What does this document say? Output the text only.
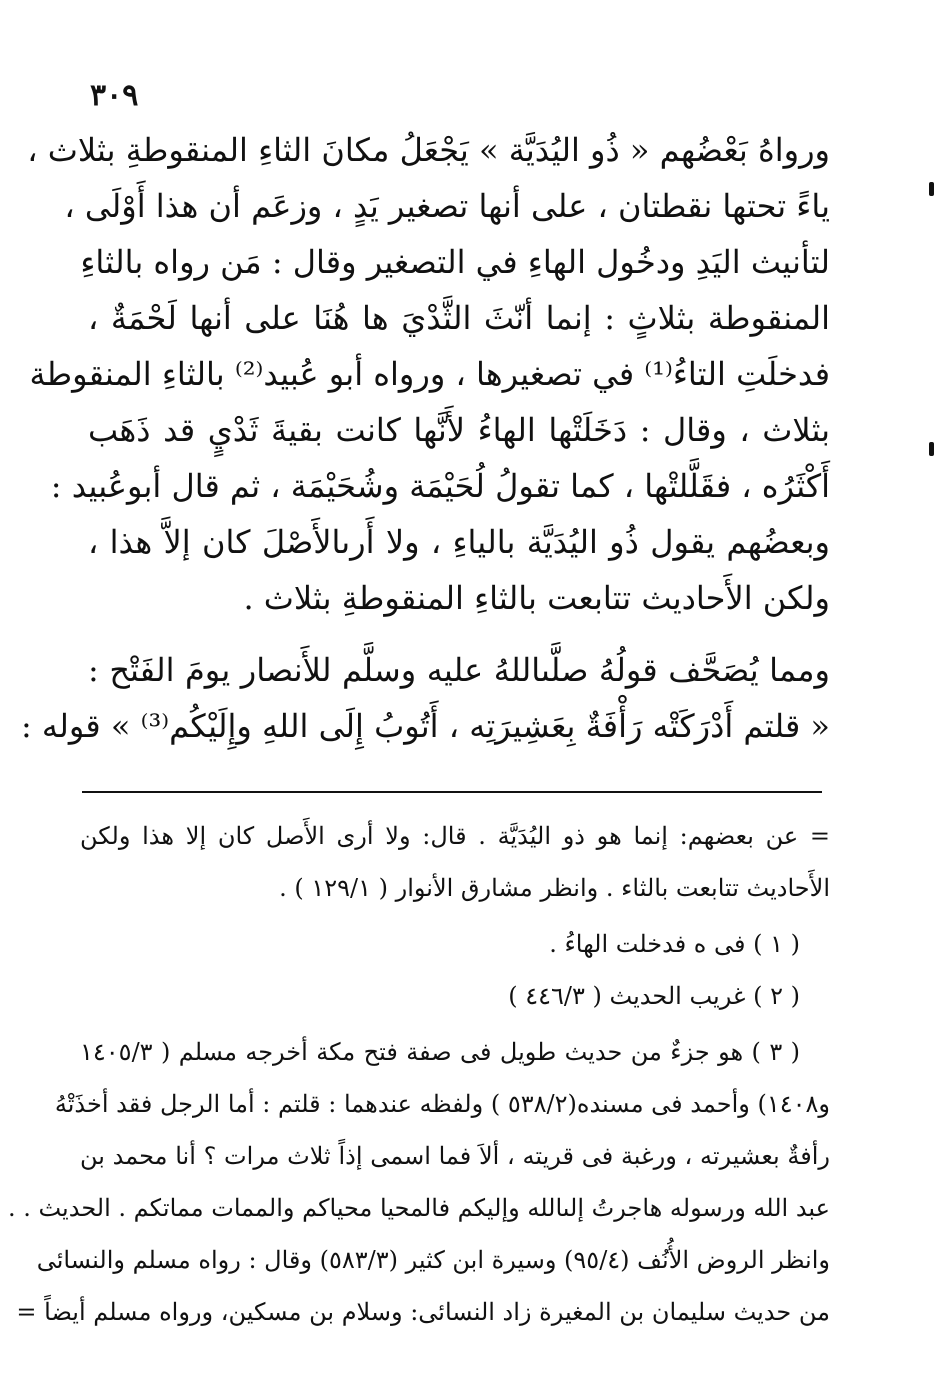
٣٠٩
ورواهُ بَعْضُهم « ذُو اليُدَيَّة » يَجْعَلُ مكانَ الثاءِ المنقوطةِ بثلاث ،
ياءً تحتها نقطتان ، على أنها تصغير يَدٍ ، وزعَم أن هذا أَوْلَى ،
لتأنيث اليَدِ ودخُول الهاءِ في التصغير وقال : مَن رواه بالثاءِ
المنقوطة بثلاثٍ : إنما أنّثَ الثَّدْيَ ها هُنَا على أنها لَحْمَةٌ ،
فدخلَتِ التاءُ⁽¹⁾ في تصغيرها ، ورواه أبو عُبيد⁽²⁾ بالثاءِ المنقوطة
بثلاث ، وقال : دَخَلَتْها الهاءُ لأَنَّها كانت بقيةَ ثَدْيٍ قد ذَهَب
أَكْثَرُه ، فقَلَّلتْها ، كما تقولُ لُحَيْمَة وشُحَيْمَة ، ثم قال أبوعُبيد :
وبعضُهم يقول ذُو اليُدَيَّة بالياءِ ، ولا أَرىالأَصْلَ كان إلاَّ هذا ،
ولكن الأَحاديث تتابعت بالثاءِ المنقوطةِ بثلاث .
ومما يُصَحَّف قولُهُ صلَّىاللهُ عليه وسلَّم للأَنصار يومَ الفَتْح :
« قلتم أَدْرَكَتْه رَأْفَةٌ بِعَشِيرَتِه ، أَتُوبُ إِلَى اللهِ وإِلَيْكُم⁽³⁾ » قوله :
= عن بعضهم: إنما هو ذو اليُدَيَّة . قال: ولا أرى الأَصل كان إلا هذا ولكن
الأَحاديث تتابعت بالثاء . وانظر مشارق الأنوار ( ١٢٩/١ ) .
( ١ ) فى ه فدخلت الهاءُ .
( ٢ ) غريب الحديث ( ٤٤٦/٣ )
( ٣ ) هو جزءٌ من حديث طويل فى صفة فتح مكة أخرجه مسلم ( ١٤٠٥/٣
و١٤٠٨) وأحمد فى مسنده(٥٣٨/٢ ) ولفظه عندهما : قلتم : أما الرجل فقد أخذَتْهُ
رأفةٌ بعشيرته ، ورغبة فى قريته ، ألاَ فما اسمى إذاً ثلاث مرات ؟ أنا محمد بن
عبد الله ورسوله هاجرتُ إلىالله وإليكم فالمحيا محياكم والممات مماتكم . الحديث . .
وانظر الروض الأُنُف (٩٥/٤) وسيرة ابن كثير (٥٨٣/٣) وقال : رواه مسلم والنسائى
من حديث سليمان بن المغيرة زاد النسائى: وسلام بن مسكين، ورواه مسلم أيضاً =
